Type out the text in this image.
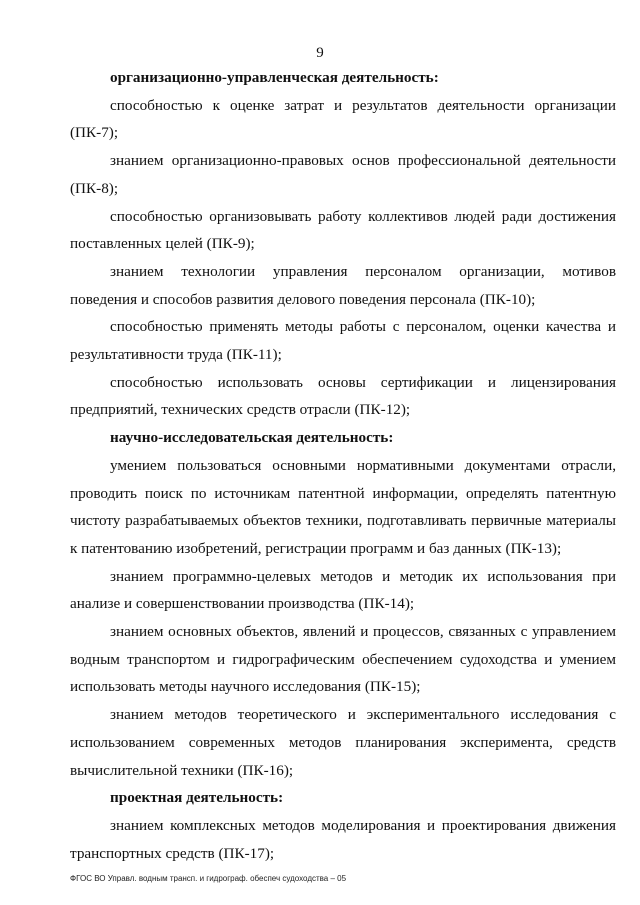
9

организационно-управленческая деятельность:

способностью к оценке затрат и результатов деятельности организации (ПК-7);

знанием организационно-правовых основ профессиональной деятельности (ПК-8);

способностью организовывать работу коллективов людей ради достижения поставленных целей (ПК-9);

знанием технологии управления персоналом организации, мотивов поведения и способов развития делового поведения персонала (ПК-10);

способностью применять методы работы с персоналом, оценки качества и результативности труда (ПК-11);

способностью использовать основы сертификации и лицензирования предприятий, технических средств отрасли (ПК-12);

научно-исследовательская деятельность:

умением пользоваться основными нормативными документами отрасли, проводить поиск по источникам патентной информации, определять патентную чистоту разрабатываемых объектов техники, подготавливать первичные материалы к патентованию изобретений, регистрации программ и баз данных (ПК-13);

знанием программно-целевых методов и методик их использования при анализе и совершенствовании производства (ПК-14);

знанием основных объектов, явлений и процессов, связанных с управлением водным транспортом и гидрографическим обеспечением судоходства и умением использовать методы научного исследования (ПК-15);

знанием методов теоретического и экспериментального исследования с использованием современных методов планирования эксперимента, средств вычислительной техники (ПК-16);

проектная деятельность:

знанием комплексных методов моделирования и проектирования движения транспортных средств (ПК-17);

ФГОС ВО Управл. водным трансп. и гидрограф. обеспеч судоходства – 05
